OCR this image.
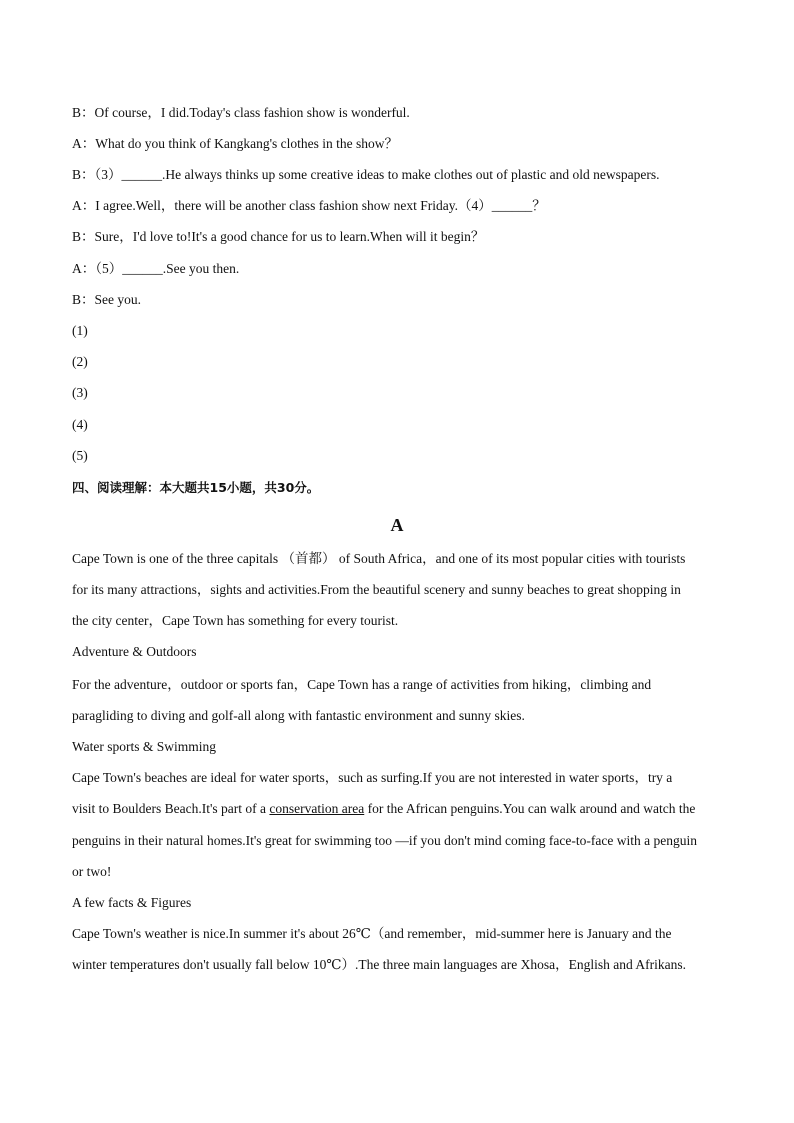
B：Of course，I did.Today's class fashion show is wonderful.
A：What do you think of Kangkang's clothes in the show？
B：（3）______.He always thinks up some creative ideas to make clothes out of plastic and old newspapers.
A：I agree.Well，there will be another class fashion show next Friday.（4）______？
B：Sure，I'd love to!It's a good chance for us to learn.When will it begin？
A：（5）______.See you then.
B：See you.
(1)
(2)
(3)
(4)
(5)
四、阅读理解：本大题共15小题，共30分。
A
Cape Town is one of the three capitals （首都） of South Africa，and one of its most popular cities with tourists
for its many attractions，sights and activities.From the beautiful scenery and sunny beaches to great shopping in
the city center，Cape Town has something for every tourist.
Adventure & Outdoors
For the adventure，outdoor or sports fan，Cape Town has a range of activities from hiking，climbing and
paragliding to diving and golf-all along with fantastic environment and sunny skies.
Water sports & Swimming
Cape Town's beaches are ideal for water sports，such as surfing.If you are not interested in water sports，try a
visit to Boulders Beach.It's part of a conservation area for the African penguins.You can walk around and watch the
penguins in their natural homes.It's great for swimming too —if you don't mind coming face-to-face with a penguin
or two!
A few facts & Figures
Cape Town's weather is nice.In summer it's about 26℃（and remember，mid-summer here is January and the
winter temperatures don't usually fall below 10℃）.The three main languages are Xhosa，English and Afrikans.
